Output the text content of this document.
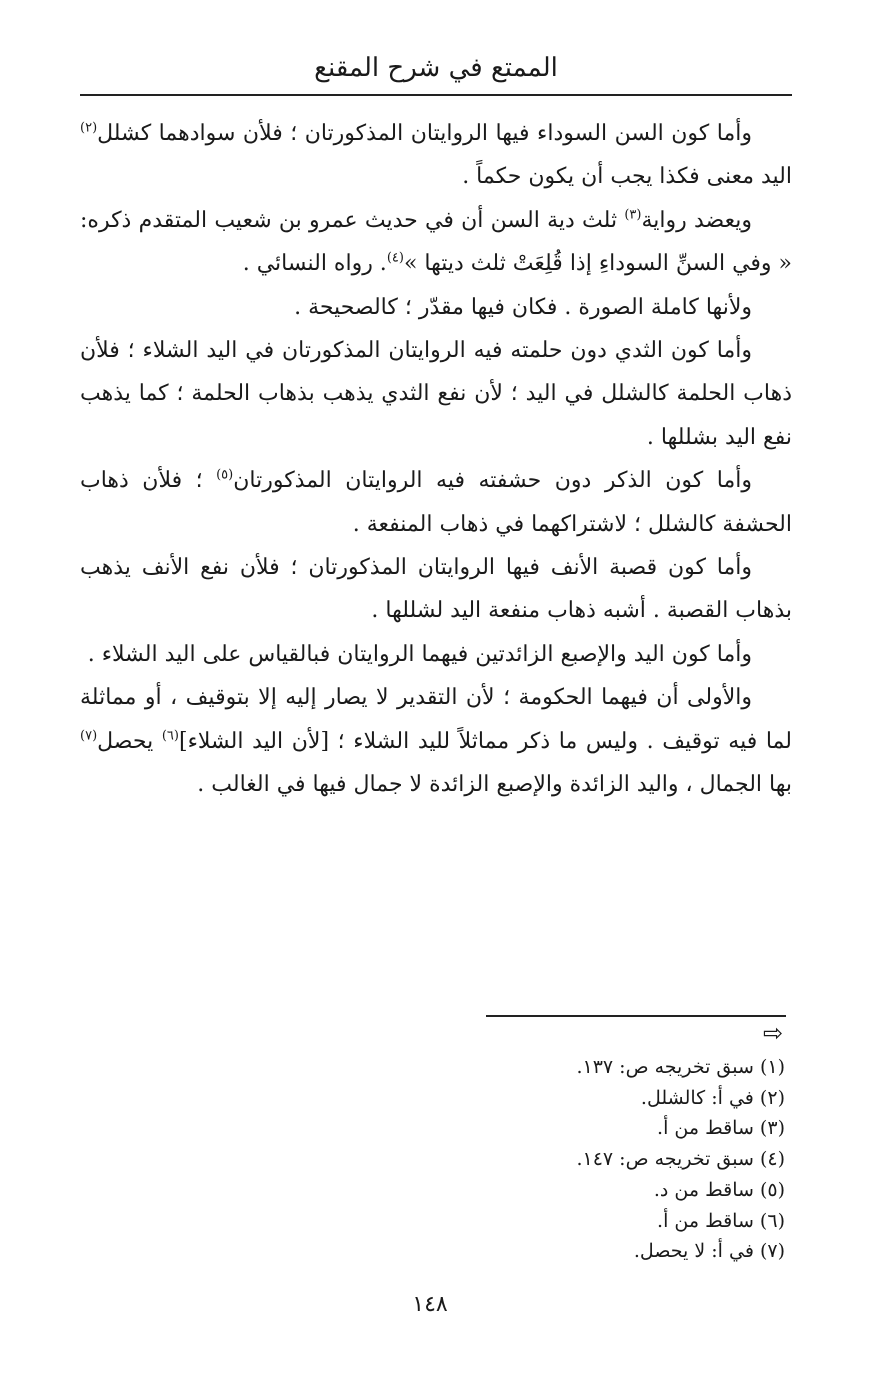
الممتع في شرح المقنع

وأما كون السن السوداء فيها الروايتان المذكورتان ؛ فلأن سوادهما كشلل$^{(٢)}$ اليد معنى فكذا يجب أن يكون حكماً .

ويعضد رواية$^{(٣)}$ ثلث دية السن أن في حديث عمرو بن شعيب المتقدم ذكره: « وفي السنِّ السوداءِ إذا قُلِعَتْ ثلث ديتها »$^{(٤)}$. رواه النسائي .

ولأنها كاملة الصورة . فكان فيها مقدّر ؛ كالصحيحة .

وأما كون الثدي دون حلمته فيه الروايتان المذكورتان في اليد الشلاء ؛ فلأن ذهاب الحلمة كالشلل في اليد ؛ لأن نفع الثدي يذهب بذهاب الحلمة ؛ كما يذهب نفع اليد بشللها .

وأما كون الذكر دون حشفته فيه الروايتان المذكورتان$^{(٥)}$ ؛ فلأن ذهاب الحشفة كالشلل ؛ لاشتراكهما في ذهاب المنفعة .

وأما كون قصبة الأنف فيها الروايتان المذكورتان ؛ فلأن نفع الأنف يذهب بذهاب القصبة . أشبه ذهاب منفعة اليد لشللها .

وأما كون اليد والإصبع الزائدتين فيهما الروايتان فبالقياس على اليد الشلاء .

والأولى أن فيهما الحكومة ؛ لأن التقدير لا يصار إليه إلا بتوقيف ، أو مماثلة لما فيه توقيف . وليس ما ذكر مماثلاً لليد الشلاء ؛ [لأن اليد الشلاء]$^{(٦)}$ يحصل$^{(٧)}$ بها الجمال ، واليد الزائدة والإصبع الزائدة لا جمال فيها في الغالب .

⇨
(١) سبق تخريجه ص: ١٣٧.
(٢) في أ: كالشلل.
(٣) ساقط من أ.
(٤) سبق تخريجه ص: ١٤٧.
(٥) ساقط من د.
(٦) ساقط من أ.
(٧) في أ: لا يحصل.
١٤٨
